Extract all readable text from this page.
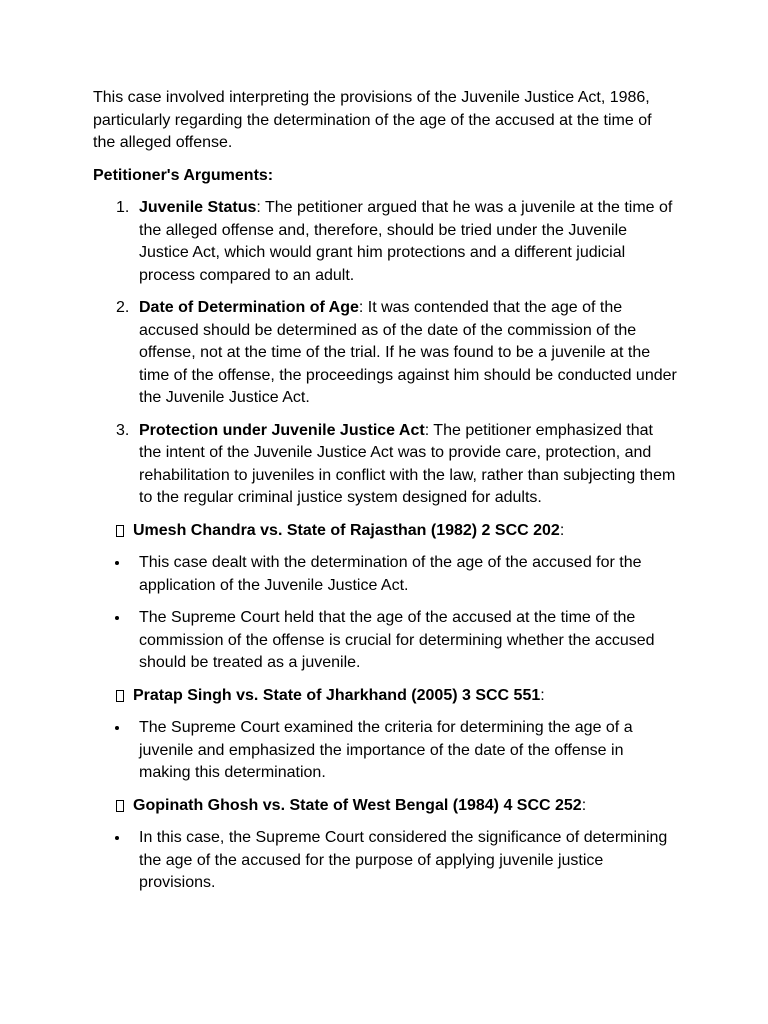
This case involved interpreting the provisions of the Juvenile Justice Act, 1986, particularly regarding the determination of the age of the accused at the time of the alleged offense.

Petitioner's Arguments:

1. Juvenile Status: The petitioner argued that he was a juvenile at the time of the alleged offense and, therefore, should be tried under the Juvenile Justice Act, which would grant him protections and a different judicial process compared to an adult.
2. Date of Determination of Age: It was contended that the age of the accused should be determined as of the date of the commission of the offense, not at the time of the trial. If he was found to be a juvenile at the time of the offense, the proceedings against him should be conducted under the Juvenile Justice Act.
3. Protection under Juvenile Justice Act: The petitioner emphasized that the intent of the Juvenile Justice Act was to provide care, protection, and rehabilitation to juveniles in conflict with the law, rather than subjecting them to the regular criminal justice system designed for adults.

Umesh Chandra vs. State of Rajasthan (1982) 2 SCC 202:

This case dealt with the determination of the age of the accused for the application of the Juvenile Justice Act.
The Supreme Court held that the age of the accused at the time of the commission of the offense is crucial for determining whether the accused should be treated as a juvenile.

Pratap Singh vs. State of Jharkhand (2005) 3 SCC 551:

The Supreme Court examined the criteria for determining the age of a juvenile and emphasized the importance of the date of the offense in making this determination.

Gopinath Ghosh vs. State of West Bengal (1984) 4 SCC 252:

In this case, the Supreme Court considered the significance of determining the age of the accused for the purpose of applying juvenile justice provisions.
